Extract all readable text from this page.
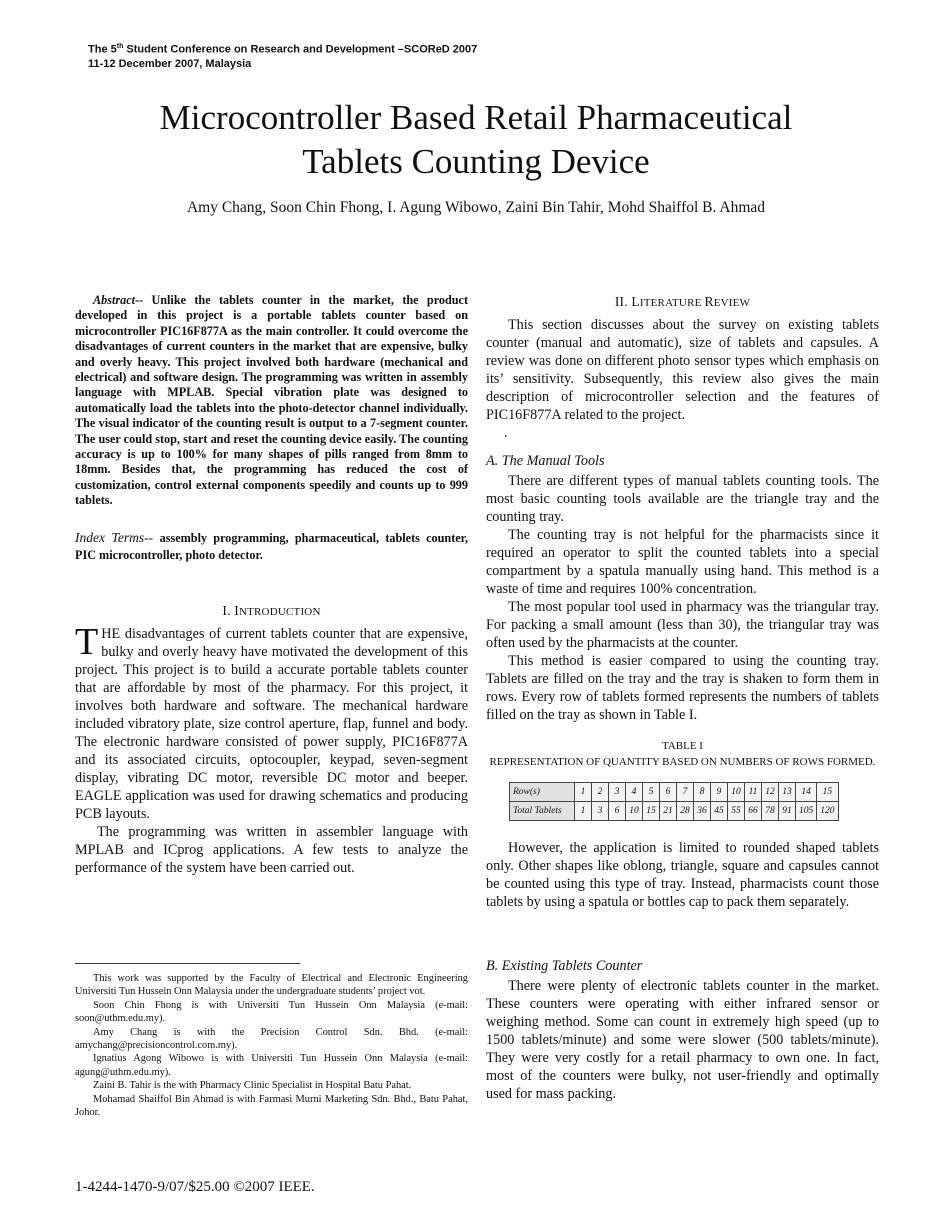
The 5th Student Conference on Research and Development –SCOReD 2007
11-12 December 2007, Malaysia
Microcontroller Based Retail Pharmaceutical
Tablets Counting Device
Amy Chang, Soon Chin Fhong, I. Agung Wibowo, Zaini Bin Tahir, Mohd Shaiffol B. Ahmad

Abstract-- Unlike the tablets counter in the market, the product developed in this project is a portable tablets counter based on microcontroller PIC16F877A as the main controller. It could overcome the disadvantages of current counters in the market that are expensive, bulky and overly heavy. This project involved both hardware (mechanical and electrical) and software design. The programming was written in assembly language with MPLAB. Special vibration plate was designed to automatically load the tablets into the photo-detector channel individually. The visual indicator of the counting result is output to a 7-segment counter. The user could stop, start and reset the counting device easily. The counting accuracy is up to 100% for many shapes of pills ranged from 8mm to 18mm. Besides that, the programming has reduced the cost of customization, control external components speedily and counts up to 999 tablets.

Index Terms-- assembly programming, pharmaceutical, tablets counter, PIC microcontroller, photo detector.

I. INTRODUCTION

THE disadvantages of current tablets counter that are expensive, bulky and overly heavy have motivated the development of this project. This project is to build a accurate portable tablets counter that are affordable by most of the pharmacy. For this project, it involves both hardware and software. The mechanical hardware included vibratory plate, size control aperture, flap, funnel and body. The electronic hardware consisted of power supply, PIC16F877A and its associated circuits, optocoupler, keypad, seven-segment display, vibrating DC motor, reversible DC motor and beeper. EAGLE application was used for drawing schematics and producing PCB layouts.

The programming was written in assembler language with MPLAB and ICprog applications. A few tests to analyze the performance of the system have been carried out.

This work was supported by the Faculty of Electrical and Electronic Engineering Universiti Tun Hussein Onn Malaysia under the undergraduate students’ project vot.

Soon Chin Fhong is with Universiti Tun Hussein Onn Malaysia (e-mail: soon@uthm.edu.my).

Amy Chang is with the Precision Control Sdn. Bhd. (e-mail: amychang@precisioncontrol.com.my).

Ignatius Agong Wibowo is with Universiti Tun Hussein Onn Malaysia (e-mail: agung@uthm.edu.my).

Zaini B. Tahir is the with Pharmacy Clinic Specialist in Hospital Batu Pahat.

Mohamad Shaiffol Bin Ahmad is with Farmasi Murni Marketing Sdn. Bhd., Batu Pahat, Johor.

1-4244-1470-9/07/$25.00 ©2007 IEEE.
II. LITERATURE REVIEW

This section discusses about the survey on existing tablets counter (manual and automatic), size of tablets and capsules. A review was done on different photo sensor types which emphasis on its’ sensitivity. Subsequently, this review also gives the main description of microcontroller selection and the features of PIC16F877A related to the project.

.

A. The Manual Tools

There are different types of manual tablets counting tools. The most basic counting tools available are the triangle tray and the counting tray.

The counting tray is not helpful for the pharmacists since it required an operator to split the counted tablets into a special compartment by a spatula manually using hand. This method is a waste of time and requires 100% concentration.

The most popular tool used in pharmacy was the triangular tray. For packing a small amount (less than 30), the triangular tray was often used by the pharmacists at the counter.

This method is easier compared to using the counting tray. Tablets are filled on the tray and the tray is shaken to form them in rows. Every row of tablets formed represents the numbers of tablets filled on the tray as shown in Table I.

TABLE I
REPRESENTATION OF QUANTITY BASED ON NUMBERS OF ROWS FORMED.
Row(s)	1	2	3	4	5	6	7	8	9	10	11	12	13	14	15
Total Tablets	1	3	6	10	15	21	28	36	45	55	66	78	91	105	120

However, the application is limited to rounded shaped tablets only. Other shapes like oblong, triangle, square and capsules cannot be counted using this type of tray. Instead, pharmacists count those tablets by using a spatula or bottles cap to pack them separately.

B. Existing Tablets Counter

There were plenty of electronic tablets counter in the market. These counters were operating with either infrared sensor or weighing method. Some can count in extremely high speed (up to 1500 tablets/minute) and some were slower (500 tablets/minute). They were very costly for a retail pharmacy to own one. In fact, most of the counters were bulky, not user-friendly and optimally used for mass packing.
